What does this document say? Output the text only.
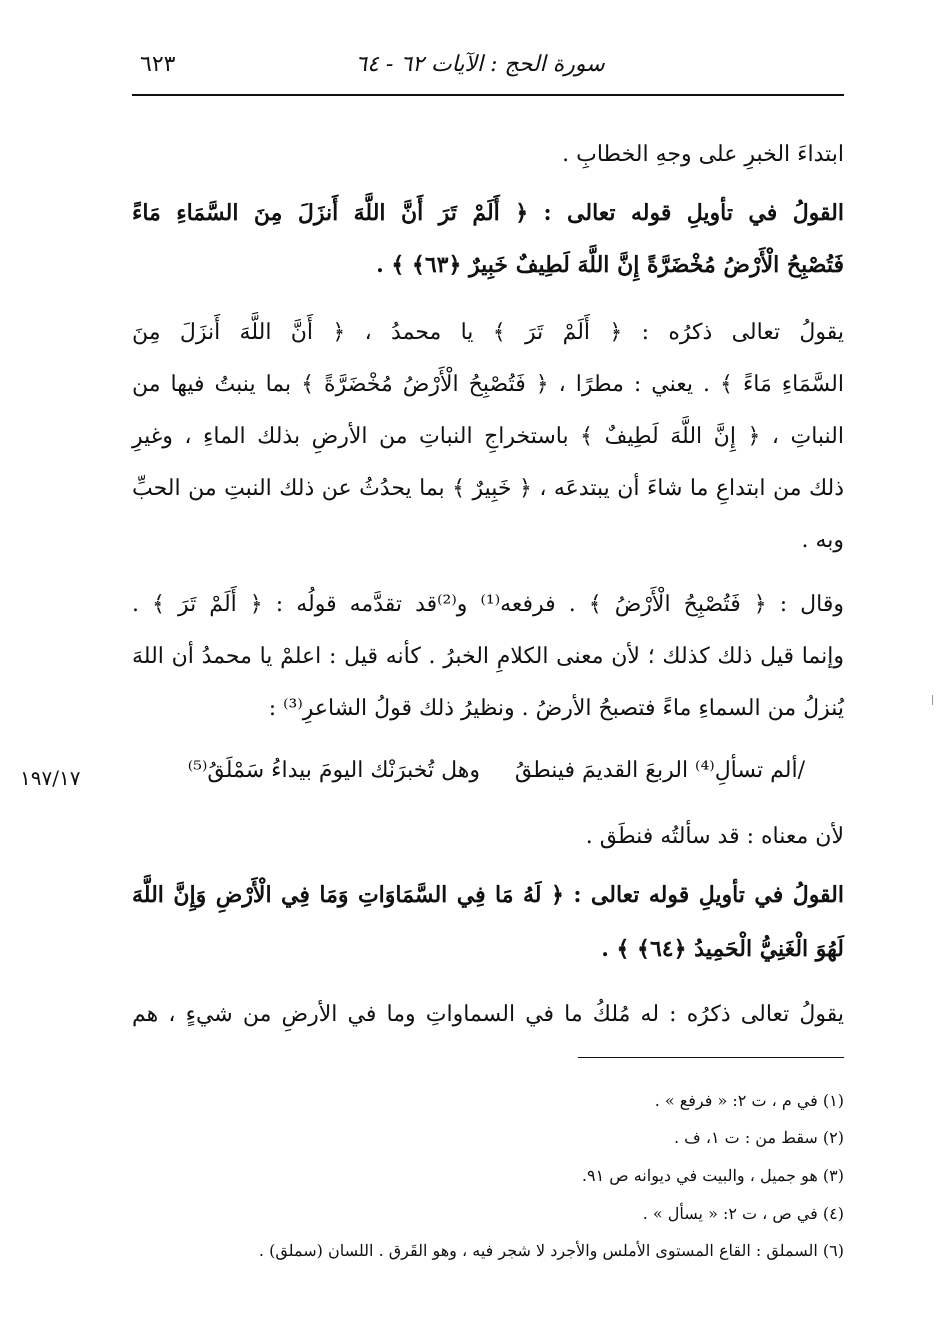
٦٢٣	سورة الحج : الآيات ٦٢ - ٦٤
ابتداءَ الخبرِ على وجهِ الخطابِ .
القولُ في تأويلِ قوله تعالى : ﴿ أَلَمْ تَرَ أَنَّ اللَّهَ أَنزَلَ مِنَ السَّمَاءِ مَاءً
فَتُصْبِحُ الْأَرْضُ مُخْضَرَّةً إِنَّ اللَّهَ لَطِيفٌ خَبِيرٌ ﴿٦٣﴾ ﴾ .
يقولُ تعالى ذكرُه : ﴿ أَلَمْ تَرَ ﴾ يا محمدُ ، ﴿ أَنَّ اللَّهَ أَنزَلَ مِنَ
السَّمَاءِ مَاءً ﴾ . يعني : مطرًا ، ﴿ فَتُصْبِحُ الْأَرْضُ مُخْضَرَّةً ﴾ بما ينبتُ فيها من
النباتِ ، ﴿ إِنَّ اللَّهَ لَطِيفٌ ﴾ باستخراجِ النباتِ من الأرضِ بذلك الماءِ ، وغيرِ
ذلك من ابتداعِ ما شاءَ أن يبتدعَه ، ﴿ خَبِيرٌ ﴾ بما يحدُثُ عن ذلك النبتِ من الحبِّ
وبه .
وقال : ﴿ فَتُصْبِحُ الْأَرْضُ ﴾ . فرفعه⁽¹⁾ و⁽²⁾قد تقدَّمه قولُه : ﴿ أَلَمْ تَرَ ﴾ .
وإنما قيل ذلك كذلك ؛ لأن معنى الكلامِ الخبرُ . كأنه قيل : اعلمْ يا محمدُ أن اللهَ
يُنزلُ من السماءِ ماءً فتصبحُ الأرضُ . ونظيرُ ذلك قولُ الشاعرِ⁽³⁾ :
/ألم تسألِ⁽⁴⁾ الربعَ القديمَ فينطقُ
وهل تُخبرَنْك اليومَ بيداءُ سَمْلَقُ⁽⁵⁾
١٩٧/١٧
لأن معناه : قد سألتُه فنطَق .
القولُ في تأويلِ قوله تعالى : ﴿ لَهُ مَا فِي السَّمَاوَاتِ وَمَا فِي الْأَرْضِ وَإِنَّ اللَّهَ
لَهُوَ الْغَنِيُّ الْحَمِيدُ ﴿٦٤﴾ ﴾ .
يقولُ تعالى ذكرُه : له مُلكُ ما في السماواتِ وما في الأرضِ من شيءٍ ، هم
(١) في م ، ت ٢: « فرفع » .
(٢) سقط من : ت ١، ف .
(٣) هو جميل ، والبيت في ديوانه ص ٩١.
(٤) في ص ، ت ٢: « يسأل » .
(٦) السملق : القاع المستوى الأملس والأجرد لا شجر فيه ، وهو القَرق . اللسان (سملق) .
